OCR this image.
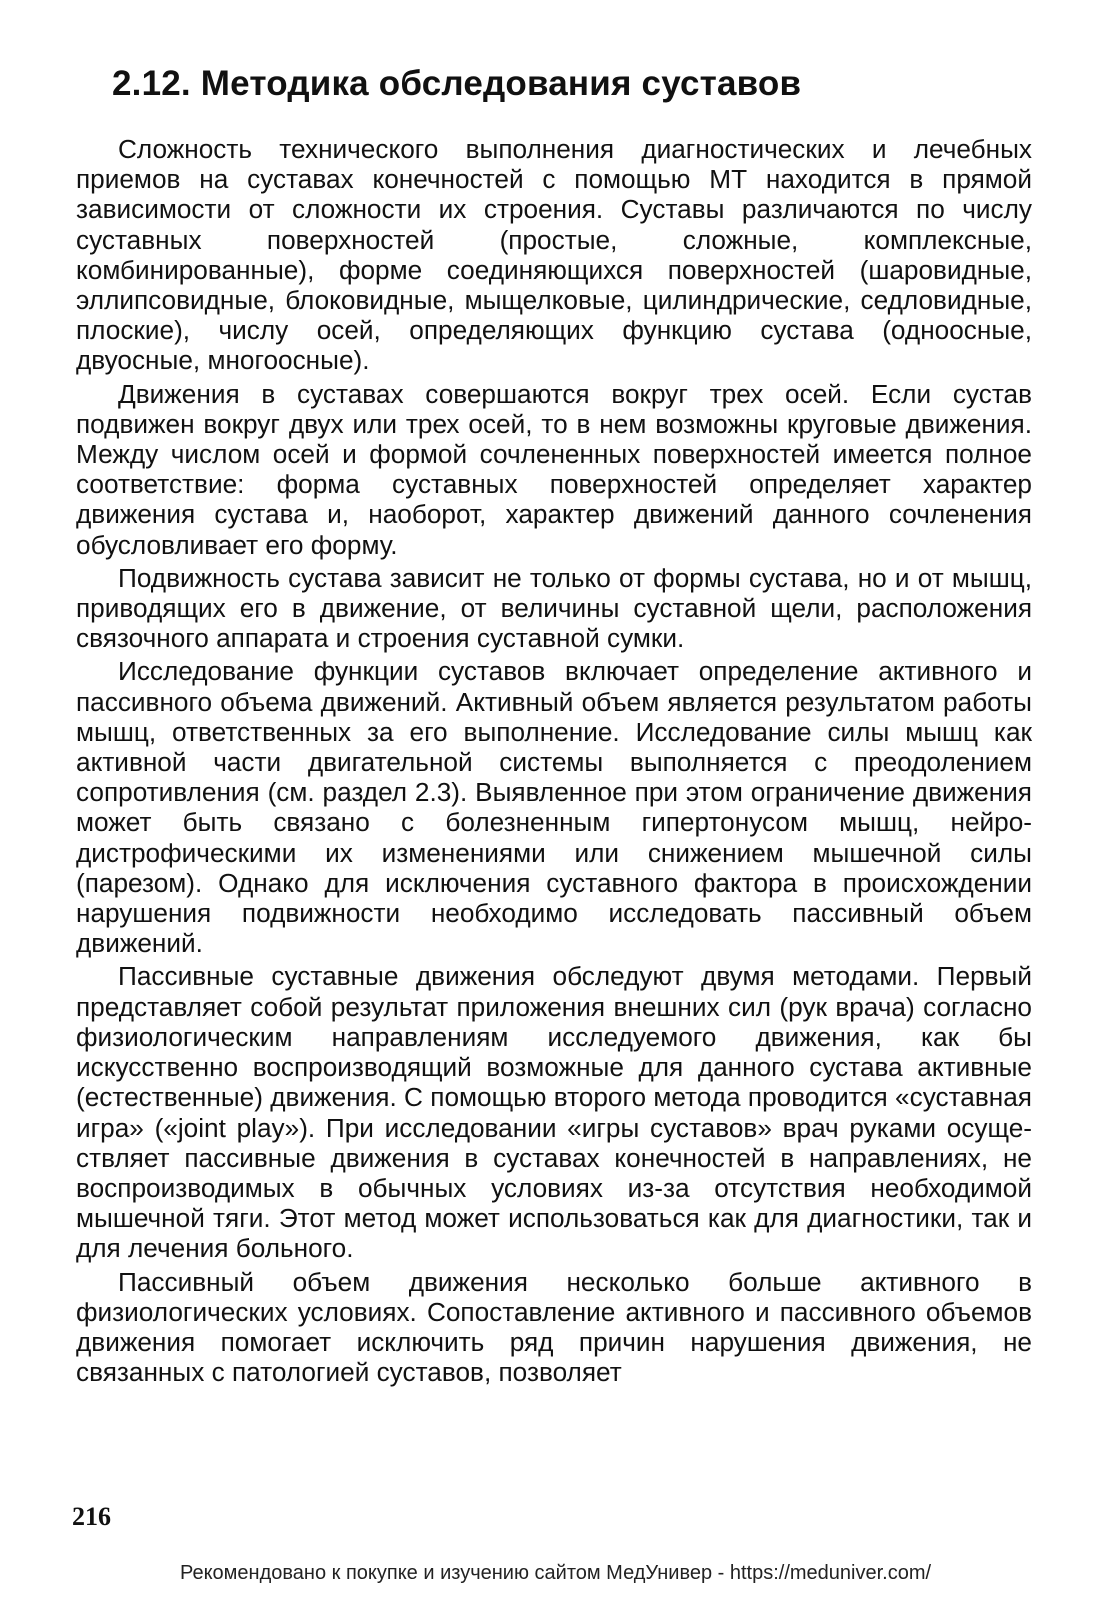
2.12. Методика обследования суставов

Сложность технического выполнения диагностических и лечебных приемов на суставах конечностей с помощью МТ находится в прямой зависимости от сложности их строения. Суставы различаются по числу суставных поверхностей (простые, сложные, комплексные, комбинированные), форме соединяющихся поверхностей (шаровидные, эллипсовидные, блоковидные, мыщелковые, цилиндрические, седловидные, плоские), числу осей, определяющих функцию сустава (одноосные, двуосные, многоосные).

Движения в суставах совершаются вокруг трех осей. Если сустав подвижен вокруг двух или трех осей, то в нем возможны круговые движения. Между числом осей и формой сочлененных поверхностей имеется полное соответствие: форма суставных поверхностей определяет характер движения сустава и, наоборот, характер движений данного сочленения обусловливает его форму.

Подвижность сустава зависит не только от формы сустава, но и от мышц, приводящих его в движение, от величины суставной щели, расположения связочного аппарата и строения суставной сумки.

Исследование функции суставов включает определение активного и пассивного объема движений. Активный объем является результатом работы мышц, ответственных за его выполнение. Исследование силы мышц как активной части двигательной системы выполняется с преодолением сопротивления (см. раздел 2.3). Выявленное при этом ограничение движения может быть связано с болезненным гипертонусом мышц, нейродистрофическими их изменениями или снижением мышечной силы (парезом). Однако для исключения суставного фактора в происхождении нарушения подвижности необходимо исследовать пассивный объем движений.

Пассивные суставные движения обследуют двумя методами. Первый представляет собой результат приложения внешних сил (рук врача) согласно физиологическим направлениям исследуемого движения, как бы искусственно воспроизводящий возможные для данного сустава активные (естественные) движения. С помощью второго метода проводится «суставная игра» («joint play»). При исследовании «игры суставов» врач руками осуществляет пассивные движения в суставах конечностей в направлениях, не воспроизводимых в обычных условиях из-за отсутствия необходимой мышечной тяги. Этот метод может использоваться как для диагностики, так и для лечения больного.

Пассивный объем движения несколько больше активного в физиологических условиях. Сопоставление активного и пассивного объемов движения помогает исключить ряд причин нарушения движения, не связанных с патологией суставов, позволяет

216

Рекомендовано к покупке и изучению сайтом МедУнивер - https://meduniver.com/
